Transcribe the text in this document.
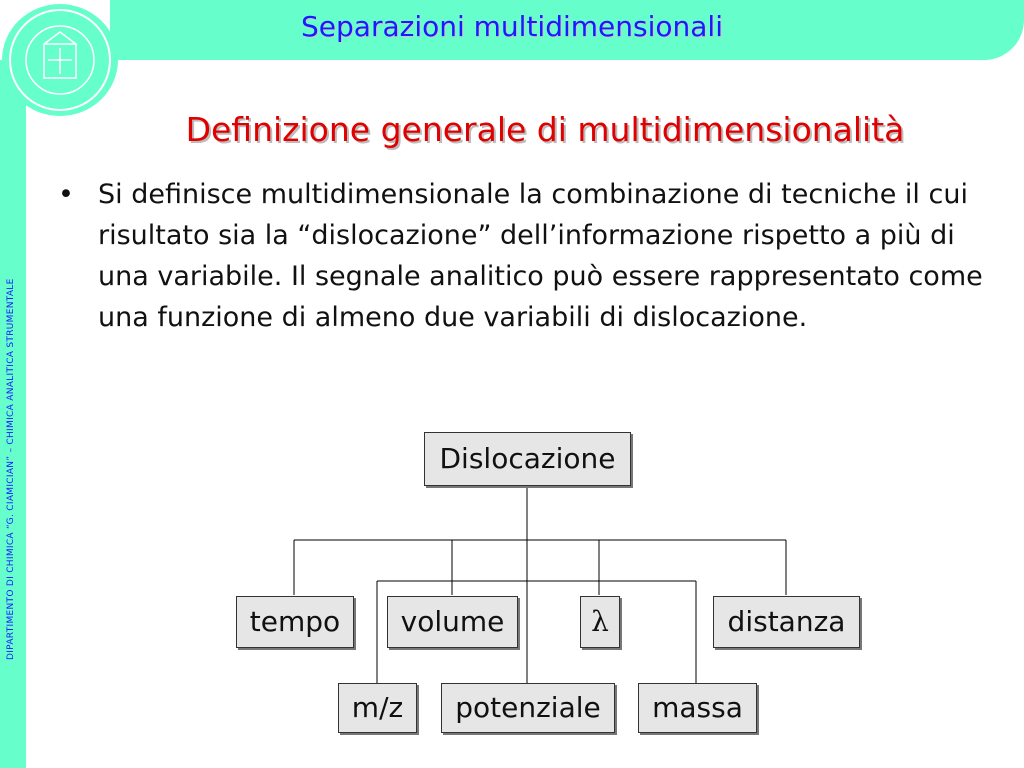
Separazioni multidimensionali
DIPARTIMENTO DI CHIMICA “G. CIAMICIAN” – CHIMICA ANALITICA STRUMENTALE
Definizione generale di multidimensionalità
• Si definisce multidimensionale la combinazione di tecniche il cui risultato sia la “dislocazione” dell’informazione rispetto a più di una variabile. Il segnale analitico può essere rappresentato come una funzione di almeno due variabili di dislocazione.
Dislocazione
tempo	volume	λ	distanza
m/z	potenziale	massa
